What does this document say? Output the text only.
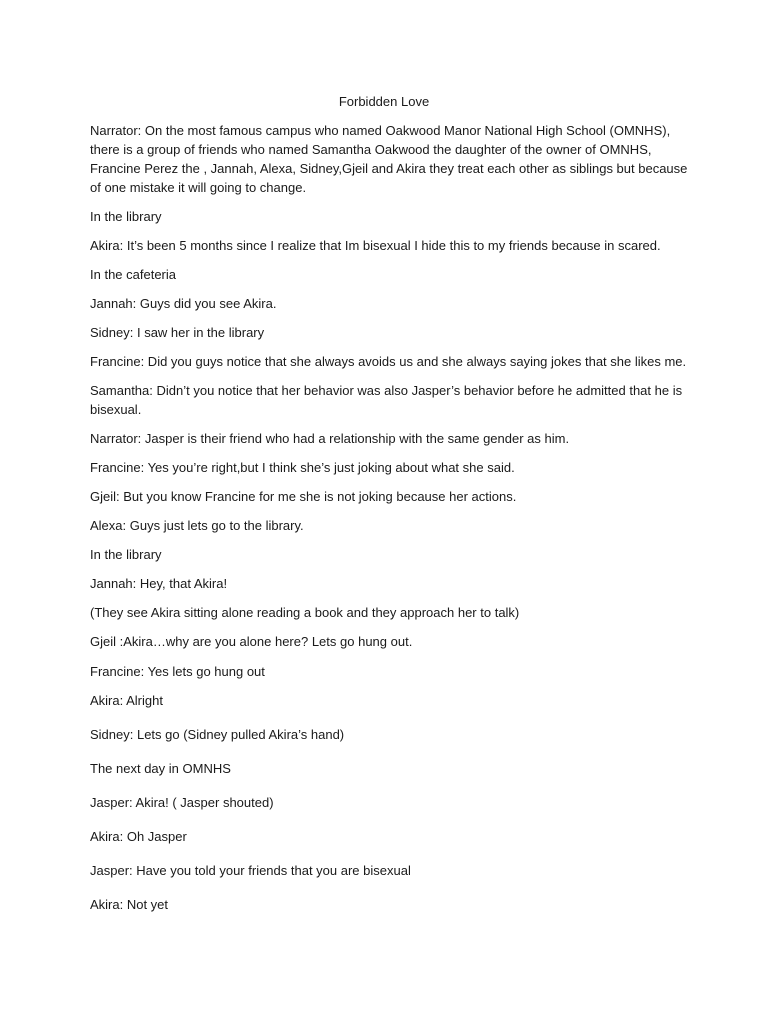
Forbidden Love

Narrator: On the most famous campus who named Oakwood Manor National High School (OMNHS), there is a group of friends who named Samantha Oakwood the daughter of the owner of OMNHS, Francine Perez the , Jannah, Alexa, Sidney,Gjeil and Akira they treat each other as siblings but because of one mistake it will going to change.

In the library

Akira: It’s been 5 months since I realize that Im bisexual I hide this to my friends because in scared.

In the cafeteria

Jannah: Guys did you see Akira.

Sidney: I saw her in the library

Francine: Did you guys notice that she always avoids us and she always saying jokes that she likes me.

Samantha: Didn’t you notice that her behavior was also Jasper’s behavior before he admitted that he is bisexual.

Narrator: Jasper is their friend who had a relationship with the same gender as him.

Francine: Yes you’re right,but I think she’s just joking about what she said.

Gjeil: But you know Francine for me she is not joking because her actions.

Alexa: Guys just lets go to the library.

In the library

Jannah: Hey, that Akira!

(They see Akira sitting alone reading a book and they approach her to talk)

Gjeil :Akira…why are you alone here? Lets go hung out.

Francine: Yes lets go hung out

Akira: Alright

Sidney: Lets go (Sidney pulled Akira’s hand)

The next day in OMNHS

Jasper: Akira! ( Jasper shouted)

Akira: Oh Jasper

Jasper: Have you told your friends that you are bisexual

Akira: Not yet
